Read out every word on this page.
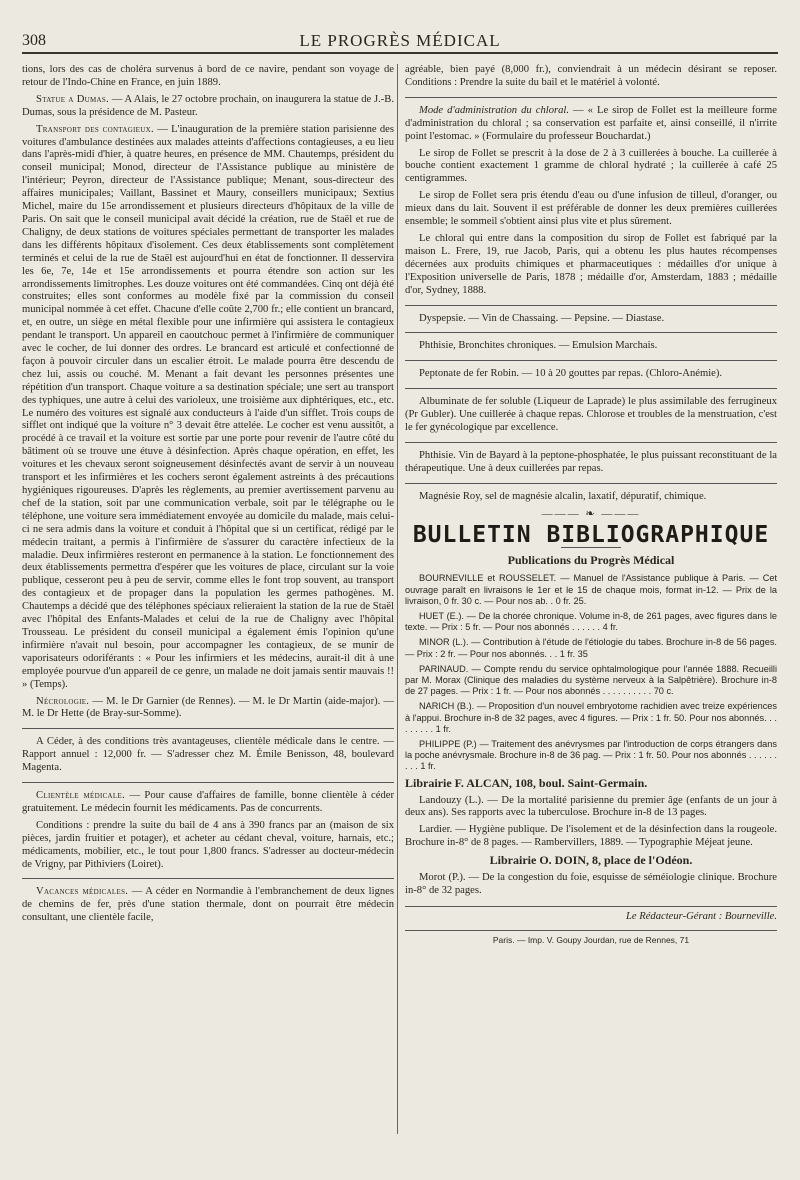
308	LE PROGRÈS MÉDICAL

tions, lors des cas de choléra survenus à bord de ce navire, pendant son voyage de retour de l'Indo-Chine en France, en juin 1889.

Statue a Dumas. — A Alais, le 27 octobre prochain, on inaugurera la statue de J.-B. Dumas, sous la présidence de M. Pasteur.

Transport des contagieux. — L'inauguration de la première station parisienne des voitures d'ambulance destinées aux malades atteints d'affections contagieuses, a eu lieu dans l'après-midi d'hier, à quatre heures, en présence de MM. Chautemps, président du conseil municipal; Monod, directeur de l'Assistance publique au ministère de l'intérieur; Peyron, directeur de l'Assistance publique; Menant, sous-directeur des affaires municipales; Vaillant, Bassinet et Maury, conseillers municipaux; Sextius Michel, maire du 15e arrondissement et plusieurs directeurs d'hôpitaux de la ville de Paris. On sait que le conseil municipal avait décidé la création, rue de Staël et rue de Chaligny, de deux stations de voitures spéciales permettant de transporter les malades dans les différents hôpitaux d'isolement. Ces deux établissements sont complètement terminés et celui de la rue de Staël est aujourd'hui en état de fonctionner. Il desservira les 6e, 7e, 14e et 15e arrondissements et pourra étendre son action sur les arrondissements limitrophes. Les douze voitures ont été commandées. Cinq ont déjà été construites; elles sont conformes au modèle fixé par la commission du conseil municipal nommée à cet effet. Chacune d'elle coûte 2,700 fr.; elle contient un brancard, et, en outre, un siège en métal flexible pour une infirmière qui assistera le contagieux pendant le transport. Un appareil en caoutchouc permet à l'infirmière de communiquer avec le cocher, de lui donner des ordres. Le brancard est articulé et confectionné de façon à pouvoir circuler dans un escalier étroit. Le malade pourra être descendu de chez lui, assis ou couché. M. Menant a fait devant les personnes présentes une répétition d'un transport. Chaque voiture a sa destination spéciale; une sert au transport des typhiques, une autre à celui des varioleux, une troisième aux diphtériques, etc., etc. Le numéro des voitures est signalé aux conducteurs à l'aide d'un sifflet. Trois coups de sifflet ont indiqué que la voiture n° 3 devait être attelée. Le cocher est venu aussitôt, a procédé à ce travail et la voiture est sortie par une porte pour revenir de l'autre côté du bâtiment où se trouve une étuve à désinfection. Après chaque opération, en effet, les voitures et les chevaux seront soigneusement désinfectés avant de servir à un nouveau transport et les infirmières et les cochers seront également astreints à des précautions hygiéniques rigoureuses. D'après les règlements, au premier avertissement parvenu au chef de la station, soit par une communication verbale, soit par le télégraphe ou le téléphone, une voiture sera immédiatement envoyée au domicile du malade, mais celui-ci ne sera admis dans la voiture et conduit à l'hôpital que si un certificat, rédigé par le médecin traitant, a permis à l'infirmière de s'assurer du caractère infectieux de la maladie. Deux infirmières resteront en permanence à la station. Le fonctionnement des deux établissements permettra d'espérer que les voitures de place, circulant sur la voie publique, cesseront peu à peu de servir, comme elles le font trop souvent, au transport des contagieux et de propager dans la population les germes pathogènes. M. Chautemps a décidé que des téléphones spéciaux relieraient la station de la rue de Staël avec l'hôpital des Enfants-Malades et celui de la rue de Chaligny avec l'hôpital Trousseau. Le président du conseil municipal a également émis l'opinion qu'une infirmière n'avait nul besoin, pour accompagner les contagieux, de se munir de vaporisateurs odoriférants : « Pour les infirmiers et les médecins, aurait-il dit à une employée pourvue d'un appareil de ce genre, un malade ne doit jamais sentir mauvais !! » (Temps).

Nécrologie. — M. le Dr Garnier (de Rennes). — M. le Dr Martin (aide-major). — M. le Dr Hette (de Bray-sur-Somme).

A Céder, à des conditions très avantageuses, clientèle médicale dans le centre. — Rapport annuel : 12,000 fr. — S'adresser chez M. Émile Benisson, 48, boulevard Magenta.

Clientèle médicale. — Pour cause d'affaires de famille, bonne clientèle à céder gratuitement. Le médecin fournit les médicaments. Pas de concurrents.

Conditions : prendre la suite du bail de 4 ans à 390 francs par an (maison de six pièces, jardin fruitier et potager), et acheter au cédant cheval, voiture, harnais, etc.; médicaments, mobilier, etc., le tout pour 1,800 francs. S'adresser au docteur-médecin de Vrigny, par Pithiviers (Loiret).

Vacances médicales. — A céder en Normandie à l'embranchement de deux lignes de chemins de fer, près d'une station thermale, dont on pourrait être médecin consultant, une clientèle facile,

agréable, bien payé (8,000 fr.), conviendrait à un médecin désirant se reposer. Conditions : Prendre la suite du bail et le matériel à volonté.

Mode d'administration du chloral. — « Le sirop de Follet est la meilleure forme d'administration du chloral ; sa conservation est parfaite et, ainsi conseillé, il n'irrite point l'estomac. » (Formulaire du professeur Bouchardat.)

Le sirop de Follet se prescrit à la dose de 2 à 3 cuillerées à bouche. La cuillerée à bouche contient exactement 1 gramme de chloral hydraté ; la cuillerée à café 25 centigrammes.

Le sirop de Follet sera pris étendu d'eau ou d'une infusion de tilleul, d'oranger, ou mieux dans du lait. Souvent il est préférable de donner les deux premières cuillerées ensemble; le sommeil s'obtient ainsi plus vite et plus sûrement.

Le chloral qui entre dans la composition du sirop de Follet est fabriqué par la maison L. Frere, 19, rue Jacob, Paris, qui a obtenu les plus hautes récompenses décernées aux produits chimiques et pharmaceutiques : médailles d'or unique à l'Exposition universelle de Paris, 1878 ; médaille d'or, Amsterdam, 1883 ; médaille d'or, Sydney, 1888.

Dyspepsie. — Vin de Chassaing. — Pepsine. — Diastase.

Phthisie, Bronchites chroniques. — Emulsion Marchais.

Peptonate de fer Robin. — 10 à 20 gouttes par repas. (Chloro-Anémie).

Albuminate de fer soluble (Liqueur de Laprade) le plus assimilable des ferrugineux (Pr Gubler). Une cuillerée à chaque repas. Chlorose et troubles de la menstruation, c'est le fer gynécologique par excellence.

Phthisie. Vin de Bayard à la peptone-phosphatée, le plus puissant reconstituant de la thérapeutique. Une à deux cuillerées par repas.

Magnésie Roy, sel de magnésie alcalin, laxatif, dépuratif, chimique.

——— ❧ ———
BULLETIN BIBLIOGRAPHIQUE
Publications du Progrès Médical

BOURNEVILLE et ROUSSELET. — Manuel de l'Assistance publique à Paris. — Cet ouvrage paraît en livraisons le 1er et le 15 de chaque mois, format in-12. — Prix de la livraison, 0 fr. 30 c. — Pour nos ab. . 0 fr. 25.

HUET (E.). — De la chorée chronique. Volume in-8, de 261 pages, avec figures dans le texte. — Prix : 5 fr. — Pour nos abonnés . . . . . . 4 fr.

MINOR (L.). — Contribution à l'étude de l'étiologie du tabes. Brochure in-8 de 56 pages. — Prix : 2 fr. — Pour nos abonnés. . . 1 fr. 35

PARINAUD. — Compte rendu du service ophtalmologique pour l'année 1888. Recueilli par M. Morax (Clinique des maladies du système nerveux à la Salpêtrière). Brochure in-8 de 27 pages. — Prix : 1 fr. — Pour nos abonnés . . . . . . . . . . 70 c.

NARICH (B.). — Proposition d'un nouvel embryotome rachidien avec treize expériences à l'appui. Brochure in-8 de 32 pages, avec 4 figures. — Prix : 1 fr. 50. Pour nos abonnés. . . . . . . . . 1 fr.

PHILIPPE (P.) — Traitement des anévrysmes par l'introduction de corps étrangers dans la poche anévrysmale. Brochure in-8 de 36 pag. — Prix : 1 fr. 50. Pour nos abonnés . . . . . . . . . 1 fr.

Librairie F. ALCAN, 108, boul. Saint-Germain.

Landouzy (L.). — De la mortalité parisienne du premier âge (enfants de un jour à deux ans). Ses rapports avec la tuberculose. Brochure in-8 de 13 pages.

Lardier. — Hygiène publique. De l'isolement et de la désinfection dans la rougeole. Brochure in-8° de 8 pages. — Rambervillers, 1889. — Typographie Méjeat jeune.

Librairie O. DOIN, 8, place de l'Odéon.

Morot (P.). — De la congestion du foie, esquisse de séméiologie clinique. Brochure in-8° de 32 pages.

Le Rédacteur-Gérant : Bourneville.
Paris. — Imp. V. Goupy Jourdan, rue de Rennes, 71
